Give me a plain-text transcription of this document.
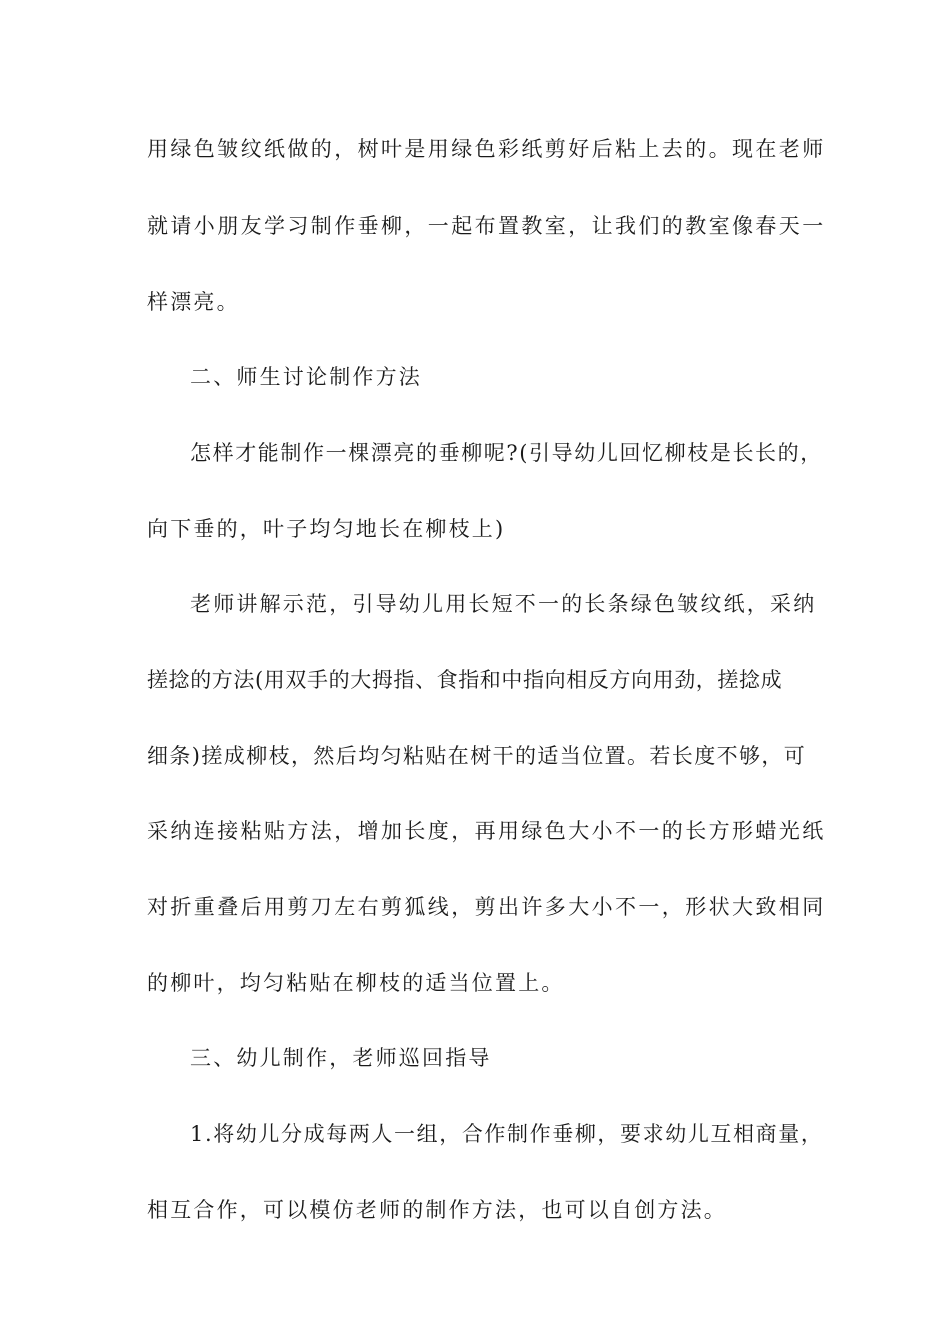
用绿色皱纹纸做的，树叶是用绿色彩纸剪好后粘上去的。现在老师
就请小朋友学习制作垂柳，一起布置教室，让我们的教室像春天一
样漂亮。
二、师生讨论制作方法
怎样才能制作一棵漂亮的垂柳呢?(引导幼儿回忆柳枝是长长的，
向下垂的，叶子均匀地长在柳枝上)
老师讲解示范，引导幼儿用长短不一的长条绿色皱纹纸，采纳
搓捻的方法(用双手的大拇指、食指和中指向相反方向用劲，搓捻成
细条)搓成柳枝，然后均匀粘贴在树干的适当位置。若长度不够，可
采纳连接粘贴方法，增加长度，再用绿色大小不一的长方形蜡光纸
对折重叠后用剪刀左右剪狐线，剪出许多大小不一，形状大致相同
的柳叶，均匀粘贴在柳枝的适当位置上。
三、幼儿制作，老师巡回指导
1.将幼儿分成每两人一组，合作制作垂柳，要求幼儿互相商量，
相互合作，可以模仿老师的制作方法，也可以自创方法。
